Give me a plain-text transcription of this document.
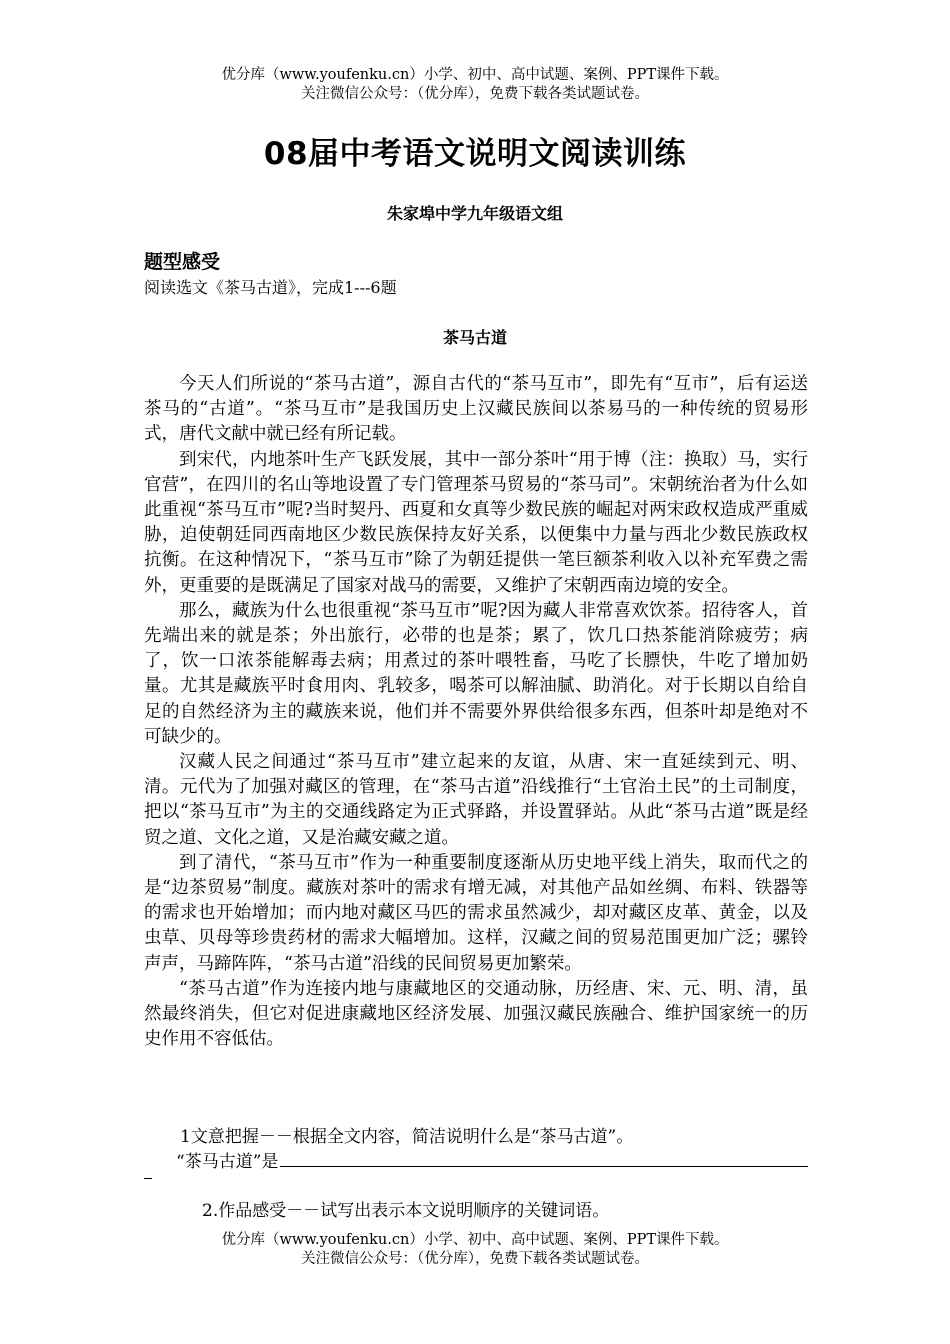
优分库（www.youfenku.cn）小学、初中、高中试题、案例、PPT课件下载。
关注微信公众号：（优分库），免费下载各类试题试卷。
08届中考语文说明文阅读训练
朱家埠中学九年级语文组
题型感受
阅读选文《茶马古道》，完成1---6题
茶马古道

今天人们所说的“茶马古道”，源自古代的“茶马互市”，即先有“互市”，后有运送茶马的“古道”。“茶马互市”是我国历史上汉藏民族间以茶易马的一种传统的贸易形式，唐代文献中就已经有所记载。

到宋代，内地茶叶生产飞跃发展，其中一部分茶叶“用于博（注：换取）马，实行官营”，在四川的名山等地设置了专门管理茶马贸易的“茶马司”。宋朝统治者为什么如此重视“茶马互市”呢?当时契丹、西夏和女真等少数民族的崛起对两宋政权造成严重威胁，迫使朝廷同西南地区少数民族保持友好关系，以便集中力量与西北少数民族政权抗衡。在这种情况下，“茶马互市”除了为朝廷提供一笔巨额茶利收入以补充军费之需外，更重要的是既满足了国家对战马的需要，又维护了宋朝西南边境的安全。

那么，藏族为什么也很重视“茶马互市”呢?因为藏人非常喜欢饮茶。招待客人，首先端出来的就是茶；外出旅行，必带的也是茶；累了，饮几口热茶能消除疲劳；病了，饮一口浓茶能解毒去病；用煮过的茶叶喂牲畜，马吃了长膘快，牛吃了增加奶量。尤其是藏族平时食用肉、乳较多，喝茶可以解油腻、助消化。对于长期以自给自足的自然经济为主的藏族来说，他们并不需要外界供给很多东西，但茶叶却是绝对不可缺少的。

汉藏人民之间通过“茶马互市”建立起来的友谊，从唐、宋一直延续到元、明、清。元代为了加强对藏区的管理，在“茶马古道”沿线推行“土官治土民”的土司制度，把以“茶马互市”为主的交通线路定为正式驿路，并设置驿站。从此“茶马古道”既是经贸之道、文化之道，又是治藏安藏之道。

到了清代，“茶马互市”作为一种重要制度逐渐从历史地平线上消失，取而代之的是“边茶贸易”制度。藏族对茶叶的需求有增无减，对其他产品如丝绸、布料、铁器等的需求也开始增加；而内地对藏区马匹的需求虽然减少，却对藏区皮革、黄金，以及虫草、贝母等珍贵药材的需求大幅增加。这样，汉藏之间的贸易范围更加广泛；骡铃声声，马蹄阵阵，“茶马古道”沿线的民间贸易更加繁荣。

“茶马古道”作为连接内地与康藏地区的交通动脉，历经唐、宋、元、明、清，虽然最终消失，但它对促进康藏地区经济发展、加强汉藏民族融合、维护国家统一的历史作用不容低估。

1文意把握－－根据全文内容，简洁说明什么是“茶马古道”。
“茶马古道”是
2.作品感受－－试写出表示本文说明顺序的关键词语。
优分库（www.youfenku.cn）小学、初中、高中试题、案例、PPT课件下载。
关注微信公众号：（优分库），免费下载各类试题试卷。
